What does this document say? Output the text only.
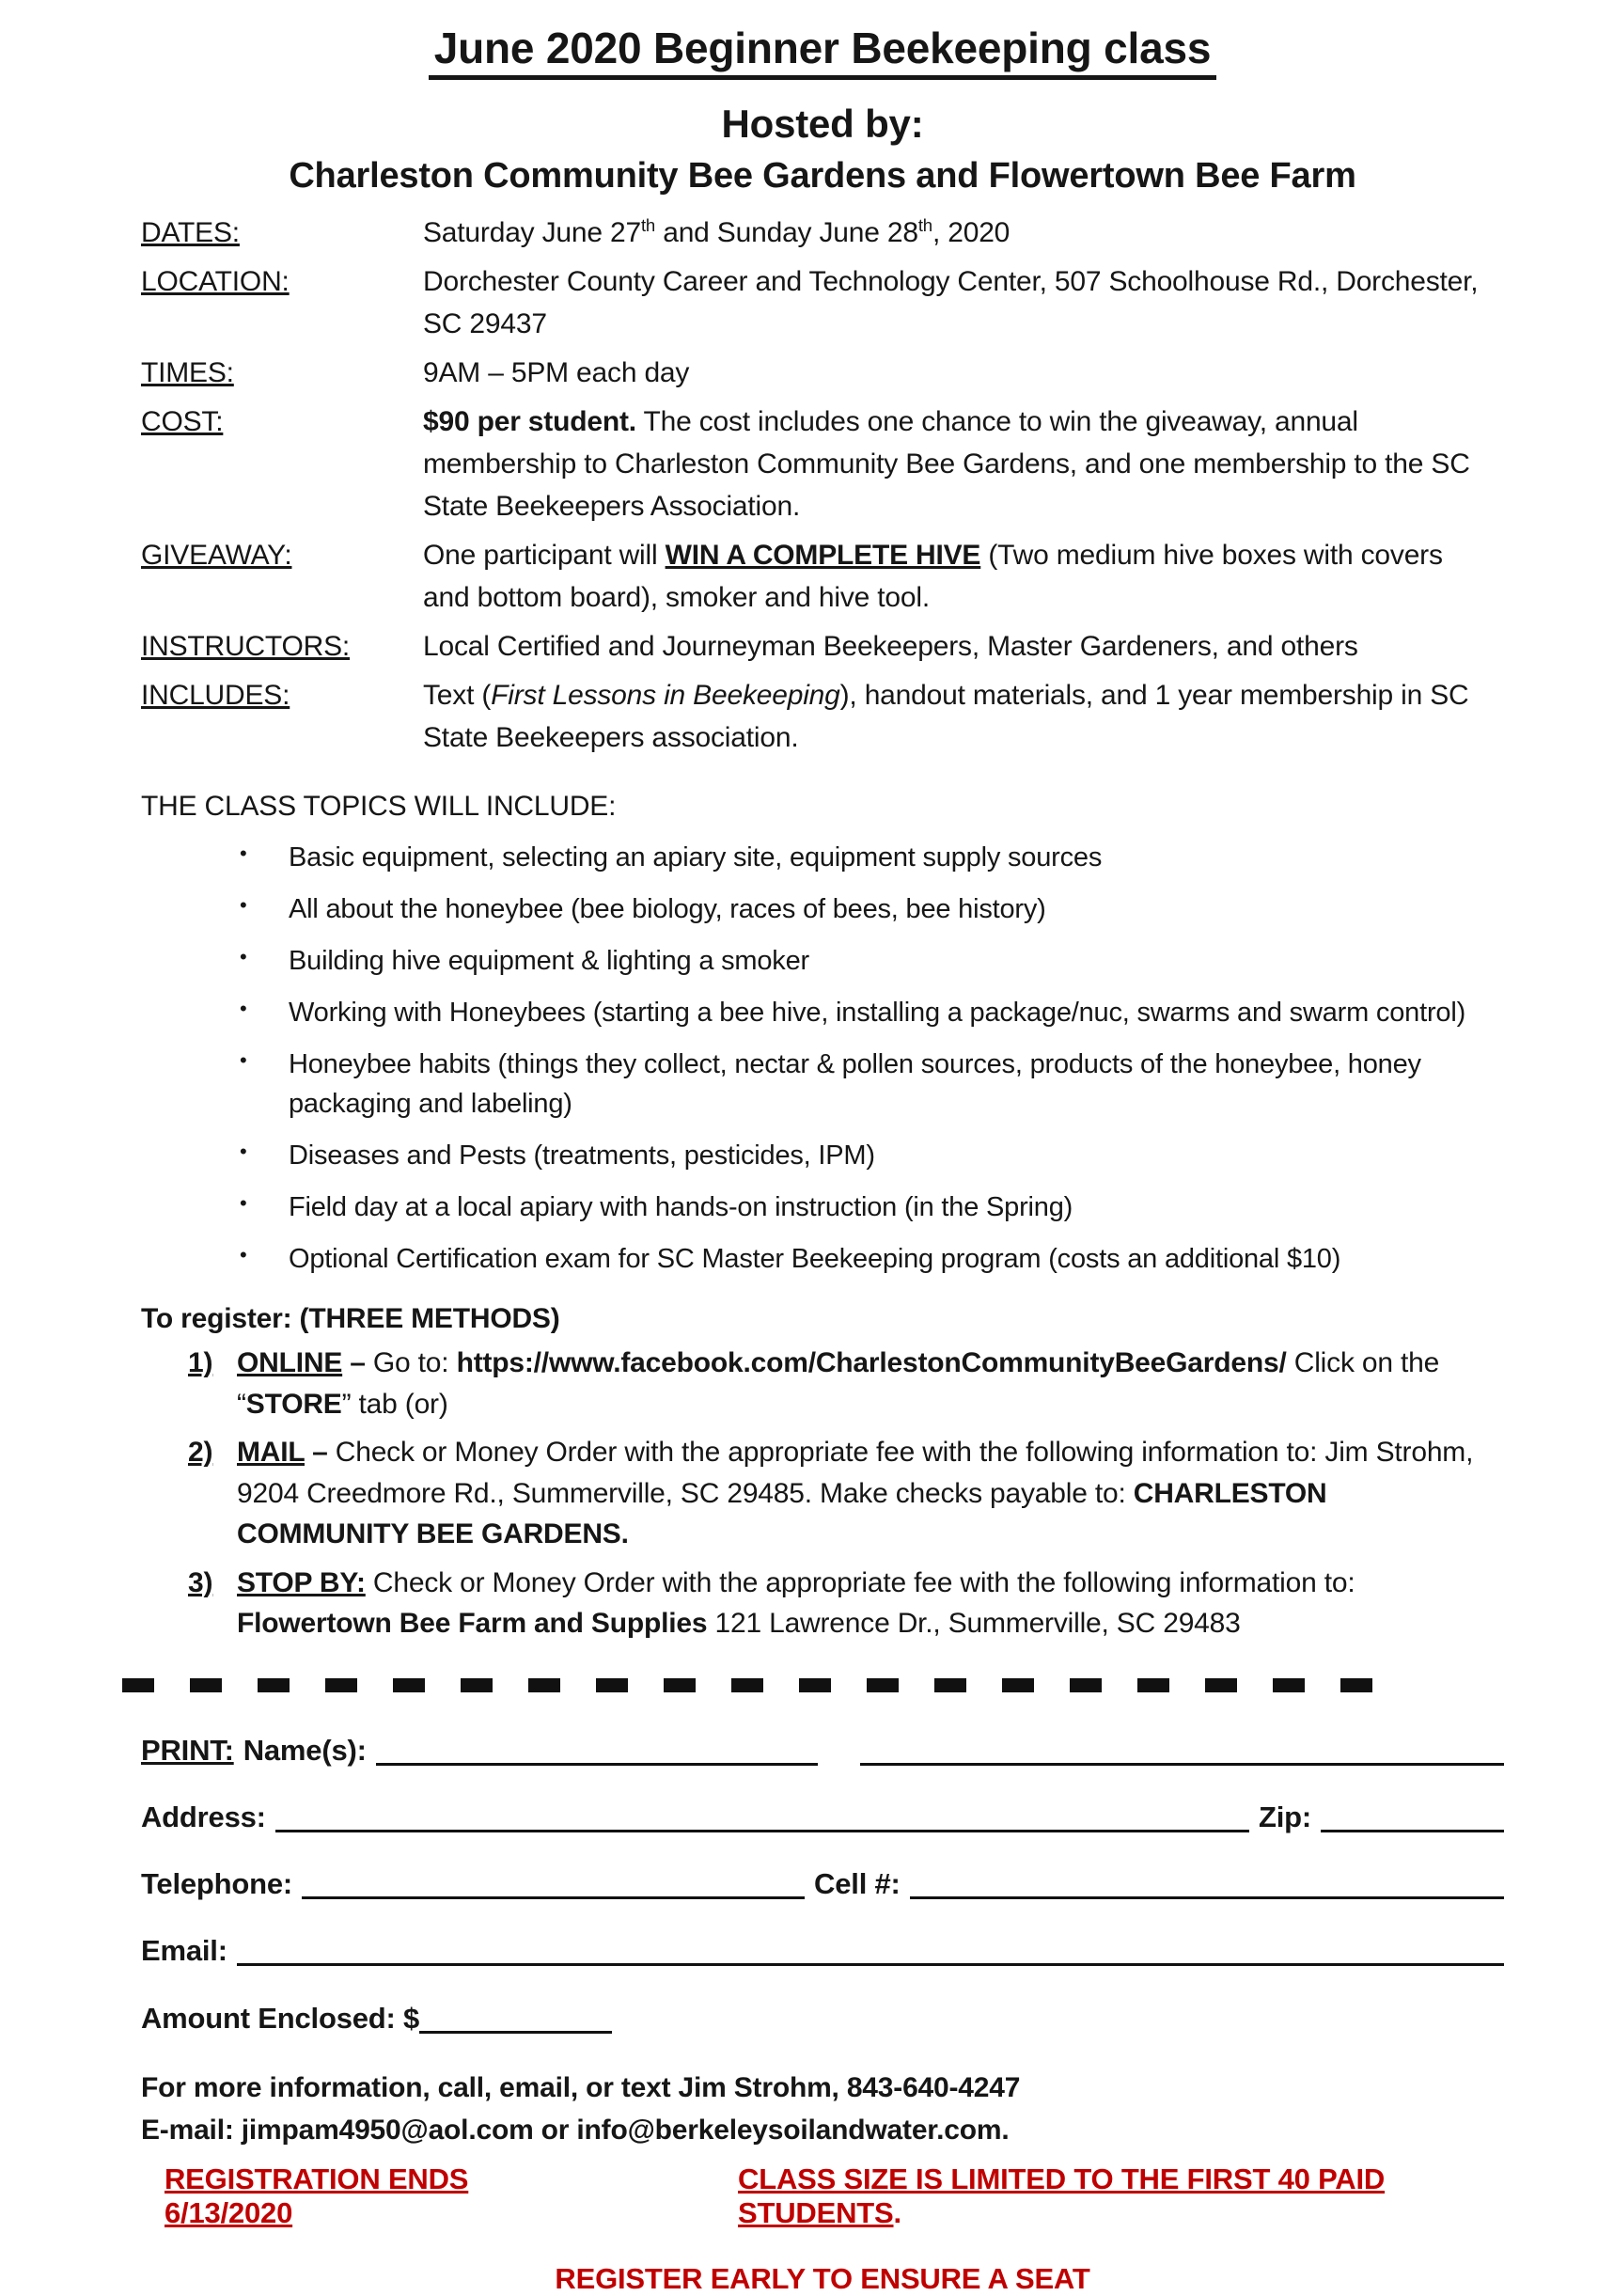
June 2020 Beginner Beekeeping class
Hosted by:
Charleston Community Bee Gardens and Flowertown Bee Farm
DATES:	Saturday June 27th and Sunday June 28th, 2020
LOCATION:	Dorchester County Career and Technology Center, 507 Schoolhouse Rd., Dorchester, SC 29437
TIMES:	9AM – 5PM each day
COST:	$90 per student. The cost includes one chance to win the giveaway, annual membership to Charleston Community Bee Gardens, and one membership to the SC State Beekeepers Association.
GIVEAWAY:	One participant will WIN A COMPLETE HIVE (Two medium hive boxes with covers and bottom board), smoker and hive tool.
INSTRUCTORS:	Local Certified and Journeyman Beekeepers, Master Gardeners, and others
INCLUDES:	Text (First Lessons in Beekeeping), handout materials, and 1 year membership in SC State Beekeepers association.
THE CLASS TOPICS WILL INCLUDE:
• Basic equipment, selecting an apiary site, equipment supply sources
• All about the honeybee (bee biology, races of bees, bee history)
• Building hive equipment & lighting a smoker
• Working with Honeybees (starting a bee hive, installing a package/nuc, swarms and swarm control)
• Honeybee habits (things they collect, nectar & pollen sources, products of the honeybee, honey packaging and labeling)
• Diseases and Pests (treatments, pesticides, IPM)
• Field day at a local apiary with hands-on instruction (in the Spring)
• Optional Certification exam for SC Master Beekeeping program (costs an additional $10)
To register: (THREE METHODS)
1) ONLINE – Go to: https://www.facebook.com/CharlestonCommunityBeeGardens/ Click on the “STORE” tab (or)
2) MAIL – Check or Money Order with the appropriate fee with the following information to: Jim Strohm, 9204 Creedmore Rd., Summerville, SC 29485. Make checks payable to: CHARLESTON COMMUNITY BEE GARDENS.
3) STOP BY: Check or Money Order with the appropriate fee with the following information to: Flowertown Bee Farm and Supplies 121 Lawrence Dr., Summerville, SC 29483
PRINT: Name(s):
Address:	Zip:
Telephone:	Cell #:
Email:
Amount Enclosed: $
For more information, call, email, or text Jim Strohm, 843-640-4247
E-mail: jimpam4950@aol.com or info@berkeleysoilandwater.com.
REGISTRATION ENDS 6/13/2020
CLASS SIZE IS LIMITED TO THE FIRST 40 PAID STUDENTS.
REGISTER EARLY TO ENSURE A SEAT
